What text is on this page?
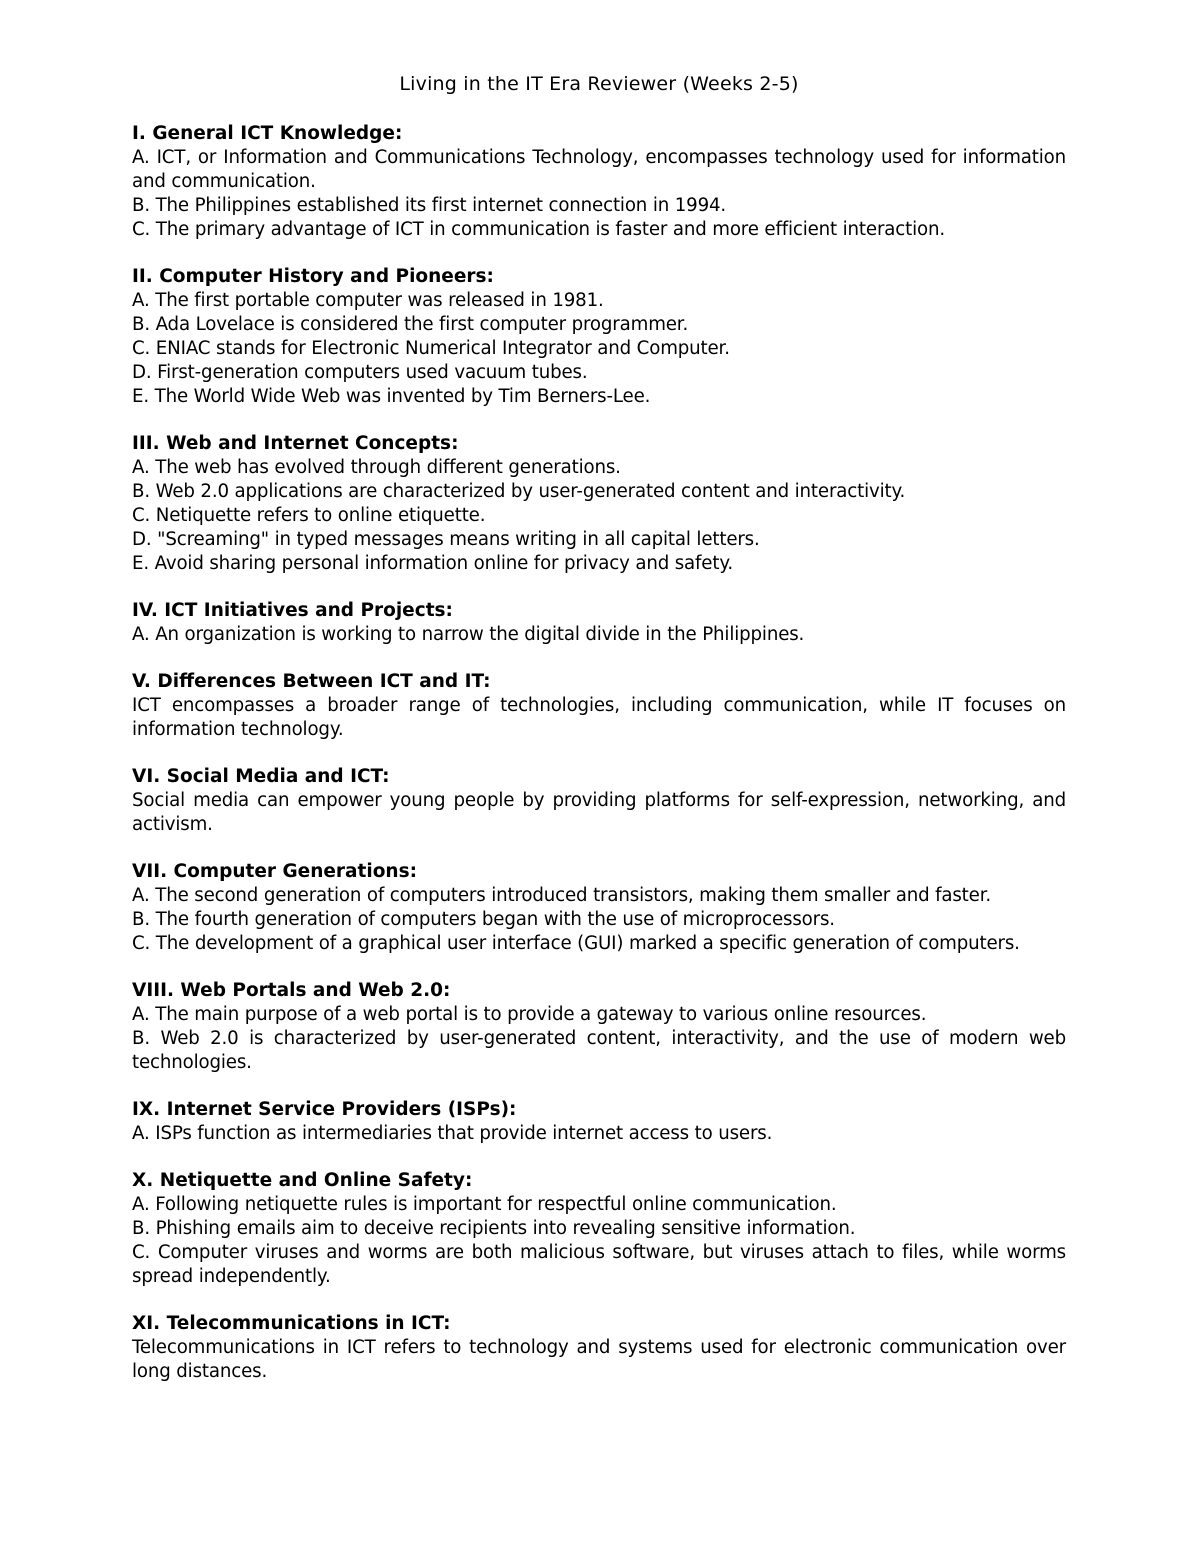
Living in the IT Era Reviewer (Weeks 2-5)

I. General ICT Knowledge:

A. ICT, or Information and Communications Technology, encompasses technology used for information and communication.

B. The Philippines established its first internet connection in 1994.

C. The primary advantage of ICT in communication is faster and more efficient interaction.

II. Computer History and Pioneers:

A. The first portable computer was released in 1981.

B. Ada Lovelace is considered the first computer programmer.

C. ENIAC stands for Electronic Numerical Integrator and Computer.

D. First-generation computers used vacuum tubes.

E. The World Wide Web was invented by Tim Berners-Lee.

III. Web and Internet Concepts:

A. The web has evolved through different generations.

B. Web 2.0 applications are characterized by user-generated content and interactivity.

C. Netiquette refers to online etiquette.

D. "Screaming" in typed messages means writing in all capital letters.

E. Avoid sharing personal information online for privacy and safety.

IV. ICT Initiatives and Projects:

A. An organization is working to narrow the digital divide in the Philippines.

V. Differences Between ICT and IT:

ICT encompasses a broader range of technologies, including communication, while IT focuses on information technology.

VI. Social Media and ICT:

Social media can empower young people by providing platforms for self-expression, networking, and activism.

VII. Computer Generations:

A. The second generation of computers introduced transistors, making them smaller and faster.

B. The fourth generation of computers began with the use of microprocessors.

C. The development of a graphical user interface (GUI) marked a specific generation of computers.

VIII. Web Portals and Web 2.0:

A. The main purpose of a web portal is to provide a gateway to various online resources.

B. Web 2.0 is characterized by user-generated content, interactivity, and the use of modern web technologies.

IX. Internet Service Providers (ISPs):

A. ISPs function as intermediaries that provide internet access to users.

X. Netiquette and Online Safety:

A. Following netiquette rules is important for respectful online communication.

B. Phishing emails aim to deceive recipients into revealing sensitive information.

C. Computer viruses and worms are both malicious software, but viruses attach to files, while worms spread independently.

XI. Telecommunications in ICT:

Telecommunications in ICT refers to technology and systems used for electronic communication over long distances.
